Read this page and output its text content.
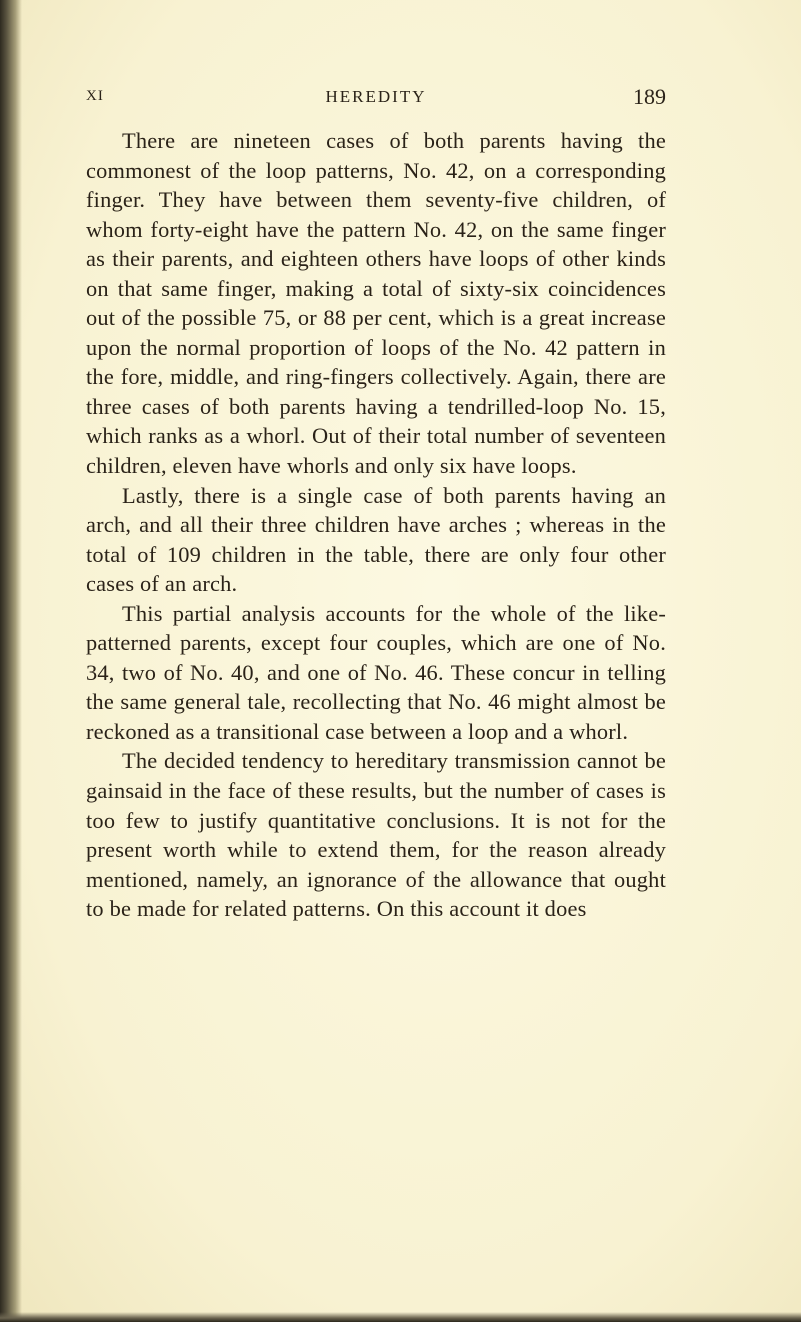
XI	HEREDITY	189

There are nineteen cases of both parents having the commonest of the loop patterns, No. 42, on a corresponding finger. They have between them seventy-five children, of whom forty-eight have the pattern No. 42, on the same finger as their parents, and eighteen others have loops of other kinds on that same finger, making a total of sixty-six coincidences out of the possible 75, or 88 per cent, which is a great increase upon the normal proportion of loops of the No. 42 pattern in the fore, middle, and ring-fingers collectively. Again, there are three cases of both parents having a tendrilled-loop No. 15, which ranks as a whorl. Out of their total number of seventeen children, eleven have whorls and only six have loops.

Lastly, there is a single case of both parents having an arch, and all their three children have arches ; whereas in the total of 109 children in the table, there are only four other cases of an arch.

This partial analysis accounts for the whole of the like-patterned parents, except four couples, which are one of No. 34, two of No. 40, and one of No. 46. These concur in telling the same general tale, recollecting that No. 46 might almost be reckoned as a transitional case between a loop and a whorl.

The decided tendency to hereditary transmission cannot be gainsaid in the face of these results, but the number of cases is too few to justify quantitative conclusions. It is not for the present worth while to extend them, for the reason already mentioned, namely, an ignorance of the allowance that ought to be made for related patterns. On this account it does
